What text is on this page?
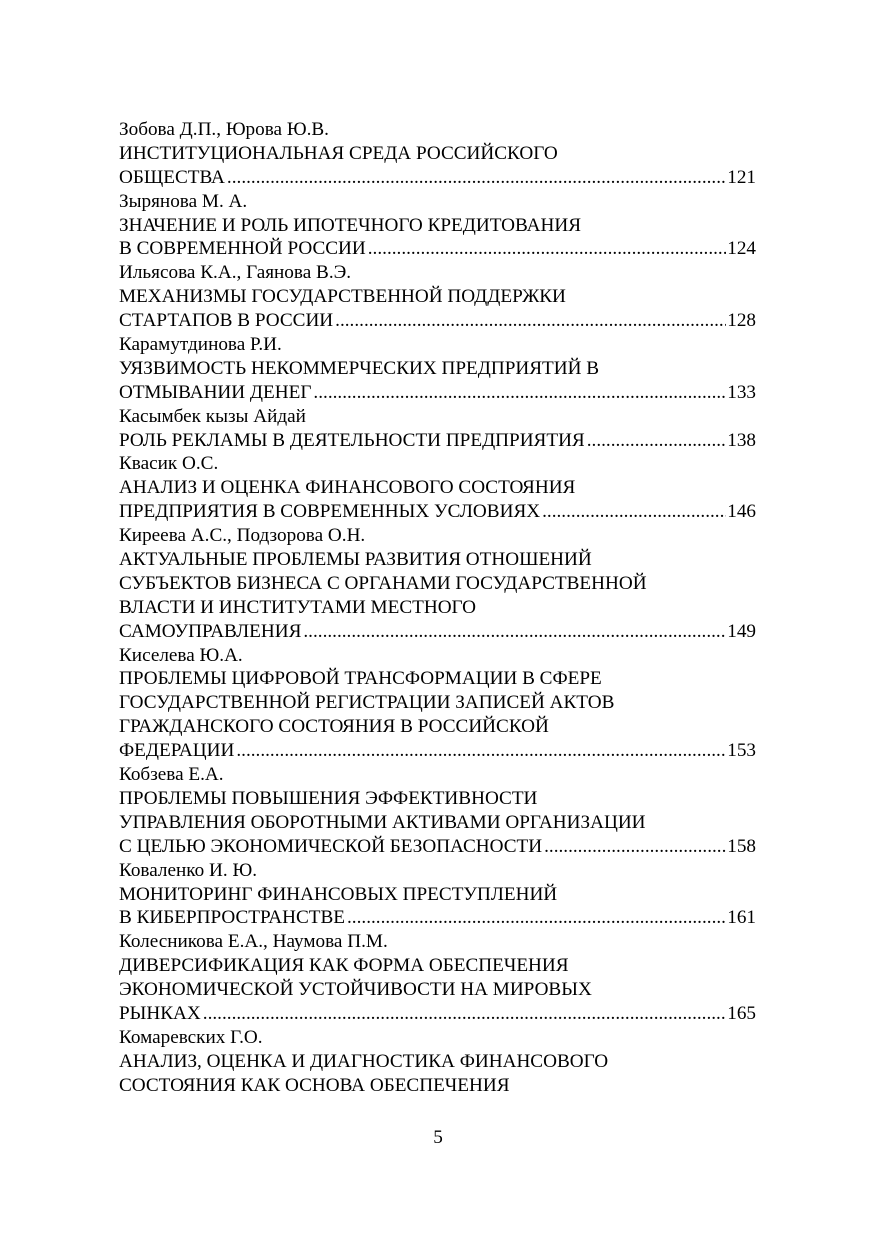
Зобова Д.П., Юрова Ю.В.
ИНСТИТУЦИОНАЛЬНАЯ СРЕДА РОССИЙСКОГО
ОБЩЕСТВА .....	121
Зырянова М. А.
ЗНАЧЕНИЕ И РОЛЬ ИПОТЕЧНОГО КРЕДИТОВАНИЯ
В СОВРЕМЕННОЙ РОССИИ .....	124
Ильясова К.А., Гаянова В.Э.
МЕХАНИЗМЫ ГОСУДАРСТВЕННОЙ ПОДДЕРЖКИ
СТАРТАПОВ В РОССИИ .....	128
Карамутдинова Р.И.
УЯЗВИМОСТЬ НЕКОММЕРЧЕСКИХ ПРЕДПРИЯТИЙ В
ОТМЫВАНИИ ДЕНЕГ .....	133
Касымбек кызы Айдай
РОЛЬ РЕКЛАМЫ В ДЕЯТЕЛЬНОСТИ ПРЕДПРИЯТИЯ .....	138
Квасик О.С.
АНАЛИЗ И ОЦЕНКА ФИНАНСОВОГО СОСТОЯНИЯ
ПРЕДПРИЯТИЯ В СОВРЕМЕННЫХ УСЛОВИЯХ .....	146
Киреева А.С., Подзорова О.Н.
АКТУАЛЬНЫЕ ПРОБЛЕМЫ РАЗВИТИЯ ОТНОШЕНИЙ
СУБЪЕКТОВ БИЗНЕСА С ОРГАНАМИ ГОСУДАРСТВЕННОЙ
ВЛАСТИ И ИНСТИТУТАМИ МЕСТНОГО
САМОУПРАВЛЕНИЯ .....	149
Киселева Ю.А.
ПРОБЛЕМЫ ЦИФРОВОЙ ТРАНСФОРМАЦИИ В СФЕРЕ
ГОСУДАРСТВЕННОЙ РЕГИСТРАЦИИ ЗАПИСЕЙ АКТОВ
ГРАЖДАНСКОГО СОСТОЯНИЯ В РОССИЙСКОЙ
ФЕДЕРАЦИИ .....	153
Кобзева Е.А.
ПРОБЛЕМЫ ПОВЫШЕНИЯ ЭФФЕКТИВНОСТИ
УПРАВЛЕНИЯ ОБОРОТНЫМИ АКТИВАМИ ОРГАНИЗАЦИИ
С ЦЕЛЬЮ ЭКОНОМИЧЕСКОЙ БЕЗОПАСНОСТИ .....	158
Коваленко И. Ю.
МОНИТОРИНГ ФИНАНСОВЫХ ПРЕСТУПЛЕНИЙ
В КИБЕРПРОСТРАНСТВЕ .....	161
Колесникова Е.А., Наумова П.М.
ДИВЕРСИФИКАЦИЯ КАК ФОРМА ОБЕСПЕЧЕНИЯ
ЭКОНОМИЧЕСКОЙ УСТОЙЧИВОСТИ НА МИРОВЫХ
РЫНКАХ .....	165
Комаревских Г.О.
АНАЛИЗ, ОЦЕНКА И ДИАГНОСТИКА ФИНАНСОВОГО
СОСТОЯНИЯ КАК ОСНОВА ОБЕСПЕЧЕНИЯ
5
